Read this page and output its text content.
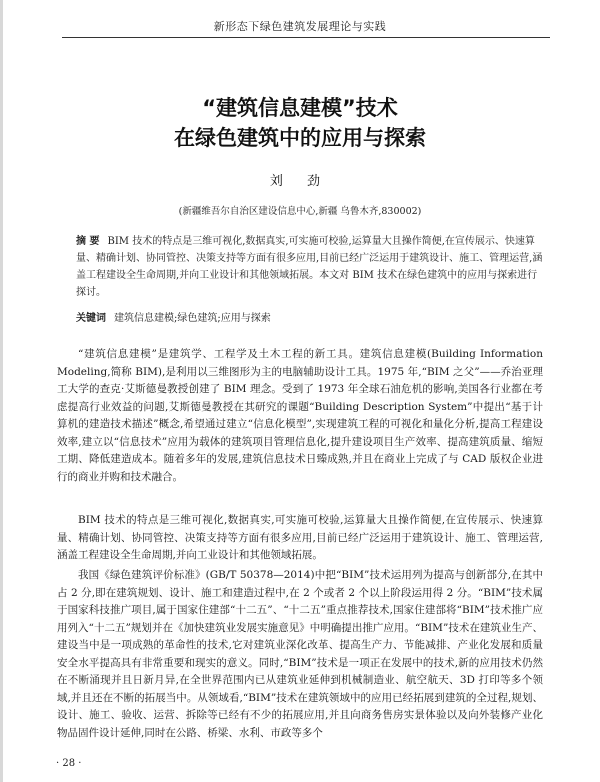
新形态下绿色建筑发展理论与实践
“建筑信息建模”技术
在绿色建筑中的应用与探索
刘 劲
(新疆维吾尔自治区建设信息中心,新疆 乌鲁木齐,830002)
摘 要 BIM 技术的特点是三维可视化,数据真实,可实施可校验,运算量大且操作简便,在宣传展示、快速算量、精确计划、协同管控、决策支持等方面有很多应用,目前已经广泛运用于建筑设计、施工、管理运营,涵盖工程建设全生命周期,并向工业设计和其他领域拓展。本文对 BIM 技术在绿色建筑中的应用与探索进行探讨。
关键词 建筑信息建模;绿色建筑;应用与探索
“建筑信息建模”是建筑学、工程学及土木工程的新工具。建筑信息建模(Building Information Modeling,简称 BIM),是利用以三维图形为主的电脑辅助设计工具。1975 年,“BIM 之父”——乔治亚理工大学的查克·艾斯德曼教授创建了 BIM 理念。受到了 1973 年全球石油危机的影响,美国各行业都在考虑提高行业效益的问题,艾斯德曼教授在其研究的课题“Building Description System”中提出“基于计算机的建造技术描述”概念,希望通过建立“信息化模型”,实现建筑工程的可视化和量化分析,提高工程建设效率,建立以“信息技术”应用为载体的建筑项目管理信息化,提升建设项目生产效率、提高建筑质量、缩短工期、降低建造成本。随着多年的发展,建筑信息技术日臻成熟,并且在商业上完成了与 CAD 版权企业进行的商业并购和技术融合。
BIM 技术的特点是三维可视化,数据真实,可实施可校验,运算量大且操作简便,在宣传展示、快速算量、精确计划、协同管控、决策支持等方面有很多应用,目前已经广泛运用于建筑设计、施工、管理运营,涵盖工程建设全生命周期,并向工业设计和其他领域拓展。
我国《绿色建筑评价标准》(GB/T 50378—2014)中把“BIM”技术运用列为提高与创新部分,在其中占 2 分,即在建筑规划、设计、施工和建造过程中,在 2 个或者 2 个以上阶段运用得 2 分。“BIM”技术属于国家科技推广项目,属于国家住建部“十二五”、“十二五”重点推荐技术,国家住建部将“BIM”技术推广应用列入“十二五”规划并在《加快建筑业发展实施意见》中明确提出推广应用。“BIM”技术在建筑业生产、建设当中是一项成熟的革命性的技术,它对建筑业深化改革、提高生产力、节能减排、产业化发展和质量安全水平提高具有非常重要和现实的意义。同时,“BIM”技术是一项正在发展中的技术,新的应用技术仍然在不断涌现并且日新月异,在全世界范围内已从建筑业延伸到机械制造业、航空航天、3D 打印等多个领域,并且还在不断的拓展当中。从领域看,“BIM”技术在建筑领域中的应用已经拓展到建筑的全过程,规划、设计、施工、验收、运营、拆除等已经有不少的拓展应用,并且向商务售房实景体验以及向外装修产业化物品固件设计延伸,同时在公路、桥梁、水利、市政等多个
· 28 ·
